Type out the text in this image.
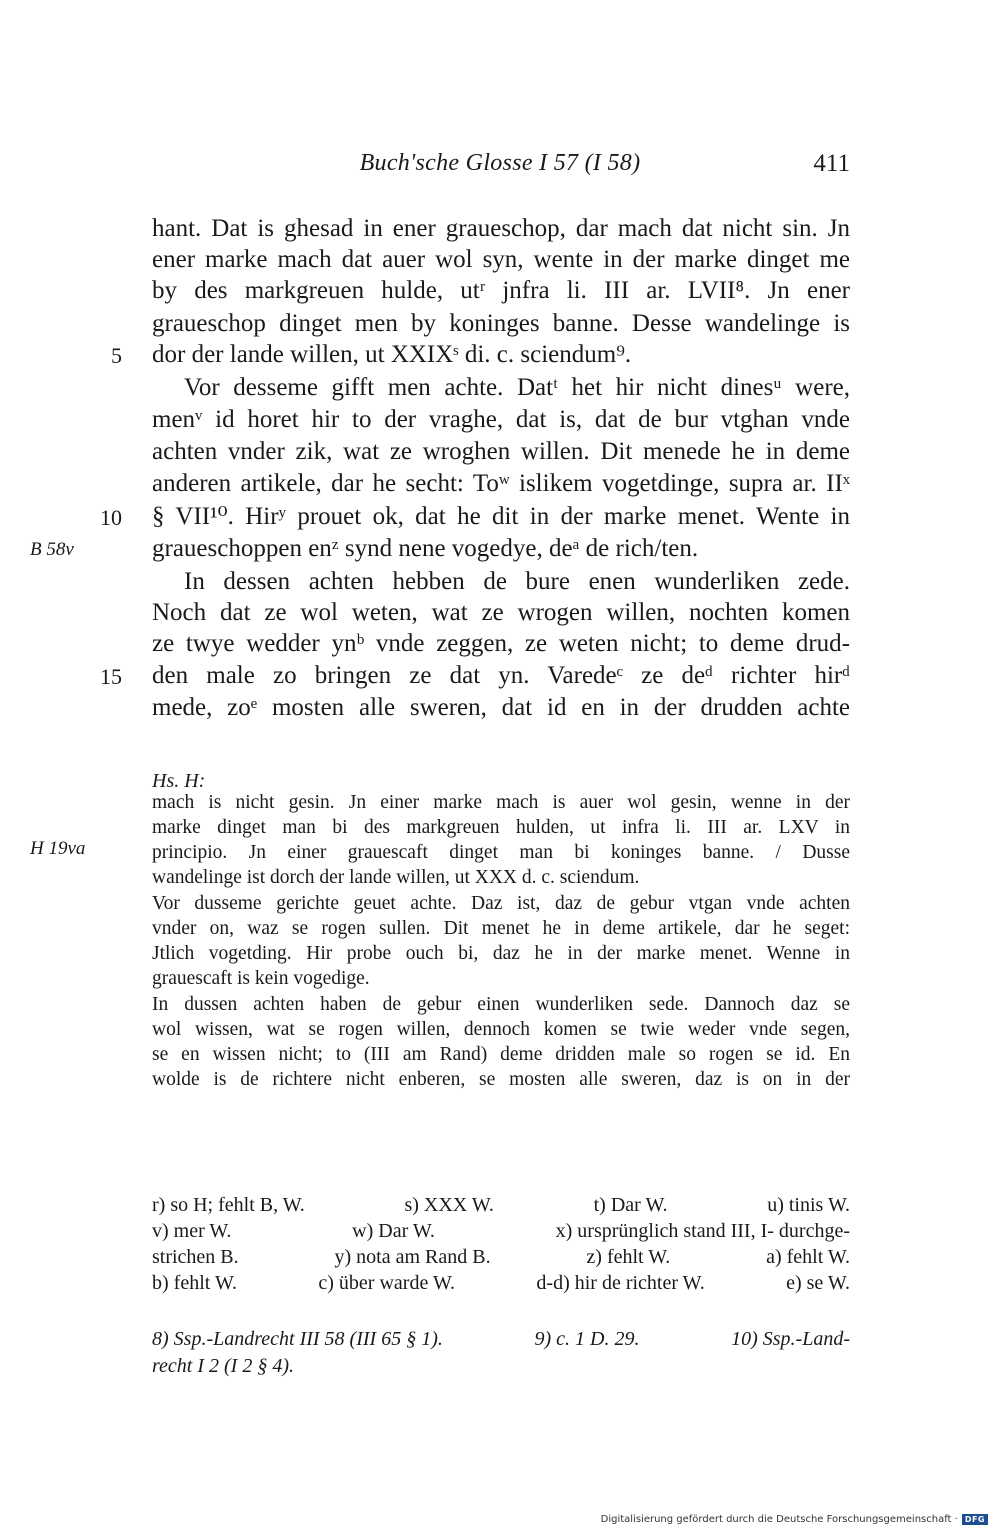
Buch'sche Glosse I 57 (I 58)	411
hant. Dat is ghesad in ener graueschop, dar mach dat nicht sin. Jn
ener marke mach dat auer wol syn, wente in der marke dinget me
by des markgreuen hulde, utʳ jnfra li. III ar. LVII⁸. Jn ener
graueschop dinget men by koninges banne. Desse wandelinge is
dor der lande willen, ut XXIXˢ di. c. sciendum⁹.
Vor desseme gifft men achte. Datᵗ het hir nicht dinesᵘ were,
menᵛ id horet hir to der vraghe, dat is, dat de bur vtghan vnde
achten vnder zik, wat ze wroghen willen. Dit menede he in deme
anderen artikele, dar he secht: Toʷ islikem vogetdinge, supra ar. IIˣ
§ VII¹⁰. Hirʸ prouet ok, dat he dit in der marke menet. Wente in
graueschoppen enᶻ synd nene vogedye, deᵃ de rich/ten.
In dessen achten hebben de bure enen wunderliken zede.
Noch dat ze wol weten, wat ze wrogen willen, nochten komen
ze twye wedder ynᵇ vnde zeggen, ze weten nicht; to deme drud-
den male zo bringen ze dat yn. Varedeᶜ ze deᵈ richter hirᵈ
mede, zoᵉ mosten alle sweren, dat id en in der drudden achte
5
10
15
B 58v
Hs. H:
H 19va
mach is nicht gesin. Jn einer marke mach is auer wol gesin, wenne in der
marke dinget man bi des markgreuen hulden, ut infra li. III ar. LXV in
principio. Jn einer grauescaft dinget man bi koninges banne. / Dusse
wandelinge ist dorch der lande willen, ut XXX d. c. sciendum.
Vor dusseme gerichte geuet achte. Daz ist, daz de gebur vtgan vnde achten
vnder on, waz se rogen sullen. Dit menet he in deme artikele, dar he seget:
Jtlich vogetding. Hir probe ouch bi, daz he in der marke menet. Wenne in
grauescaft is kein vogedige.
In dussen achten haben de gebur einen wunderliken sede. Dannoch daz se
wol wissen, wat se rogen willen, dennoch komen se twie weder vnde segen,
se en wissen nicht; to (III am Rand) deme dridden male so rogen se id. En
wolde is de richtere nicht enberen, se mosten alle sweren, daz is on in der
r) so H; fehlt B, W.	s) XXX W.	t) Dar W.	u) tinis W.
v) mer W.	w) Dar W.	x) ursprünglich stand III, I- durchge-
strichen B.	y) nota am Rand B.	z) fehlt W.	a) fehlt W.
b) fehlt W.	c) über warde W.	d-d) hir de richter W.	e) se W.
8) Ssp.-Landrecht III 58 (III 65 § 1).	9) c. 1 D. 29.	10) Ssp.-Land-
recht I 2 (I 2 § 4).
Digitalisierung gefördert durch die Deutsche Forschungsgemeinschaft · DFG
